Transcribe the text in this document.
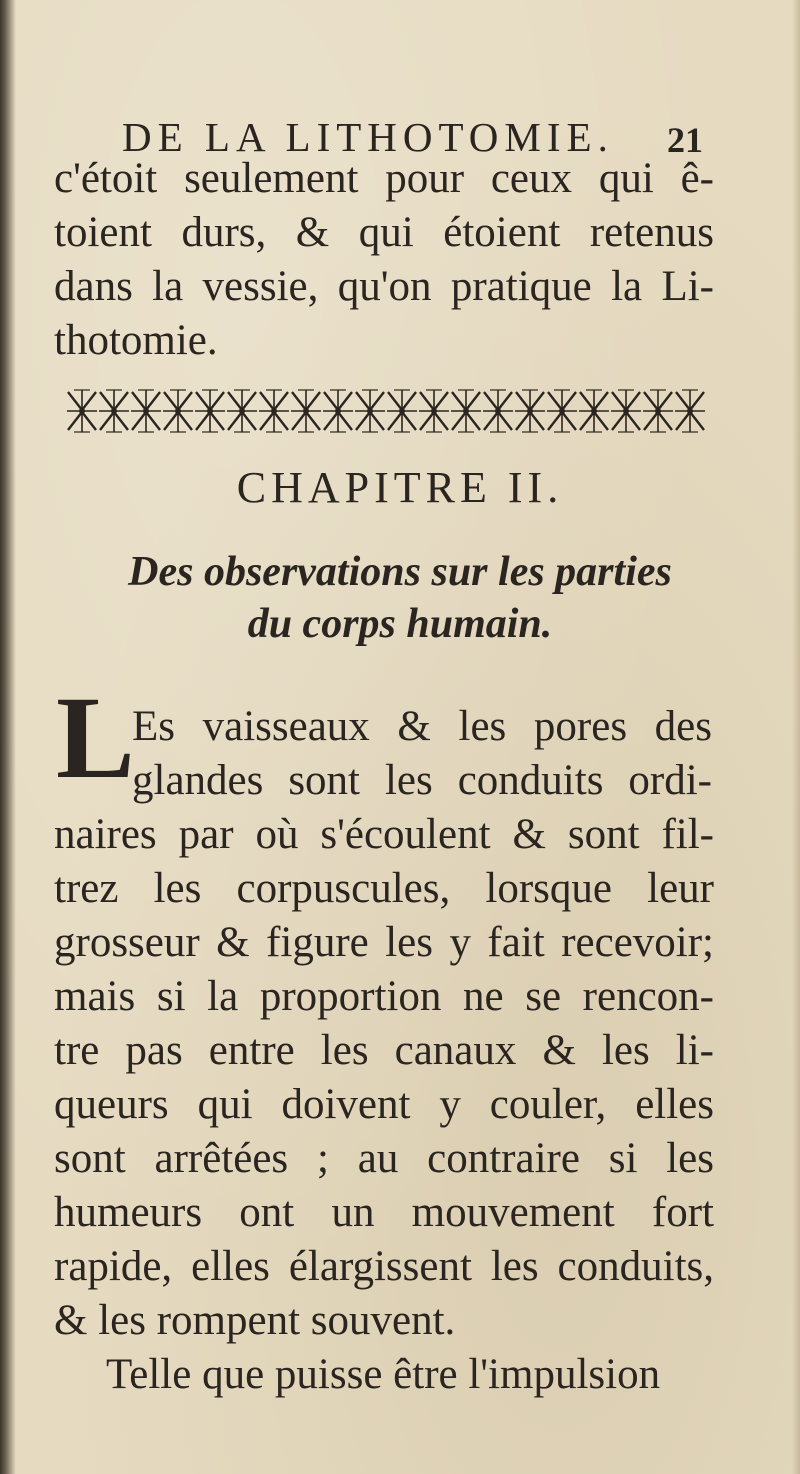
DE LA LITHOTOMIE.	21
c'étoit seulement pour ceux qui ê-
toient durs, & qui étoient retenus
dans la vessie, qu'on pratique la Li-
thotomie.
CHAPITRE II.
Des observations sur les parties
du corps humain.
L
Es vaisseaux & les pores des
glandes sont les conduits ordi-
naires par où s'écoulent & sont fil-
trez les corpuscules, lorsque leur
grosseur & figure les y fait recevoir;
mais si la proportion ne se rencon-
tre pas entre les canaux & les li-
queurs qui doivent y couler, elles
sont arrêtées ; au contraire si les
humeurs ont un mouvement fort
rapide, elles élargissent les conduits,
& les rompent souvent.
Telle que puisse être l'impulsion
